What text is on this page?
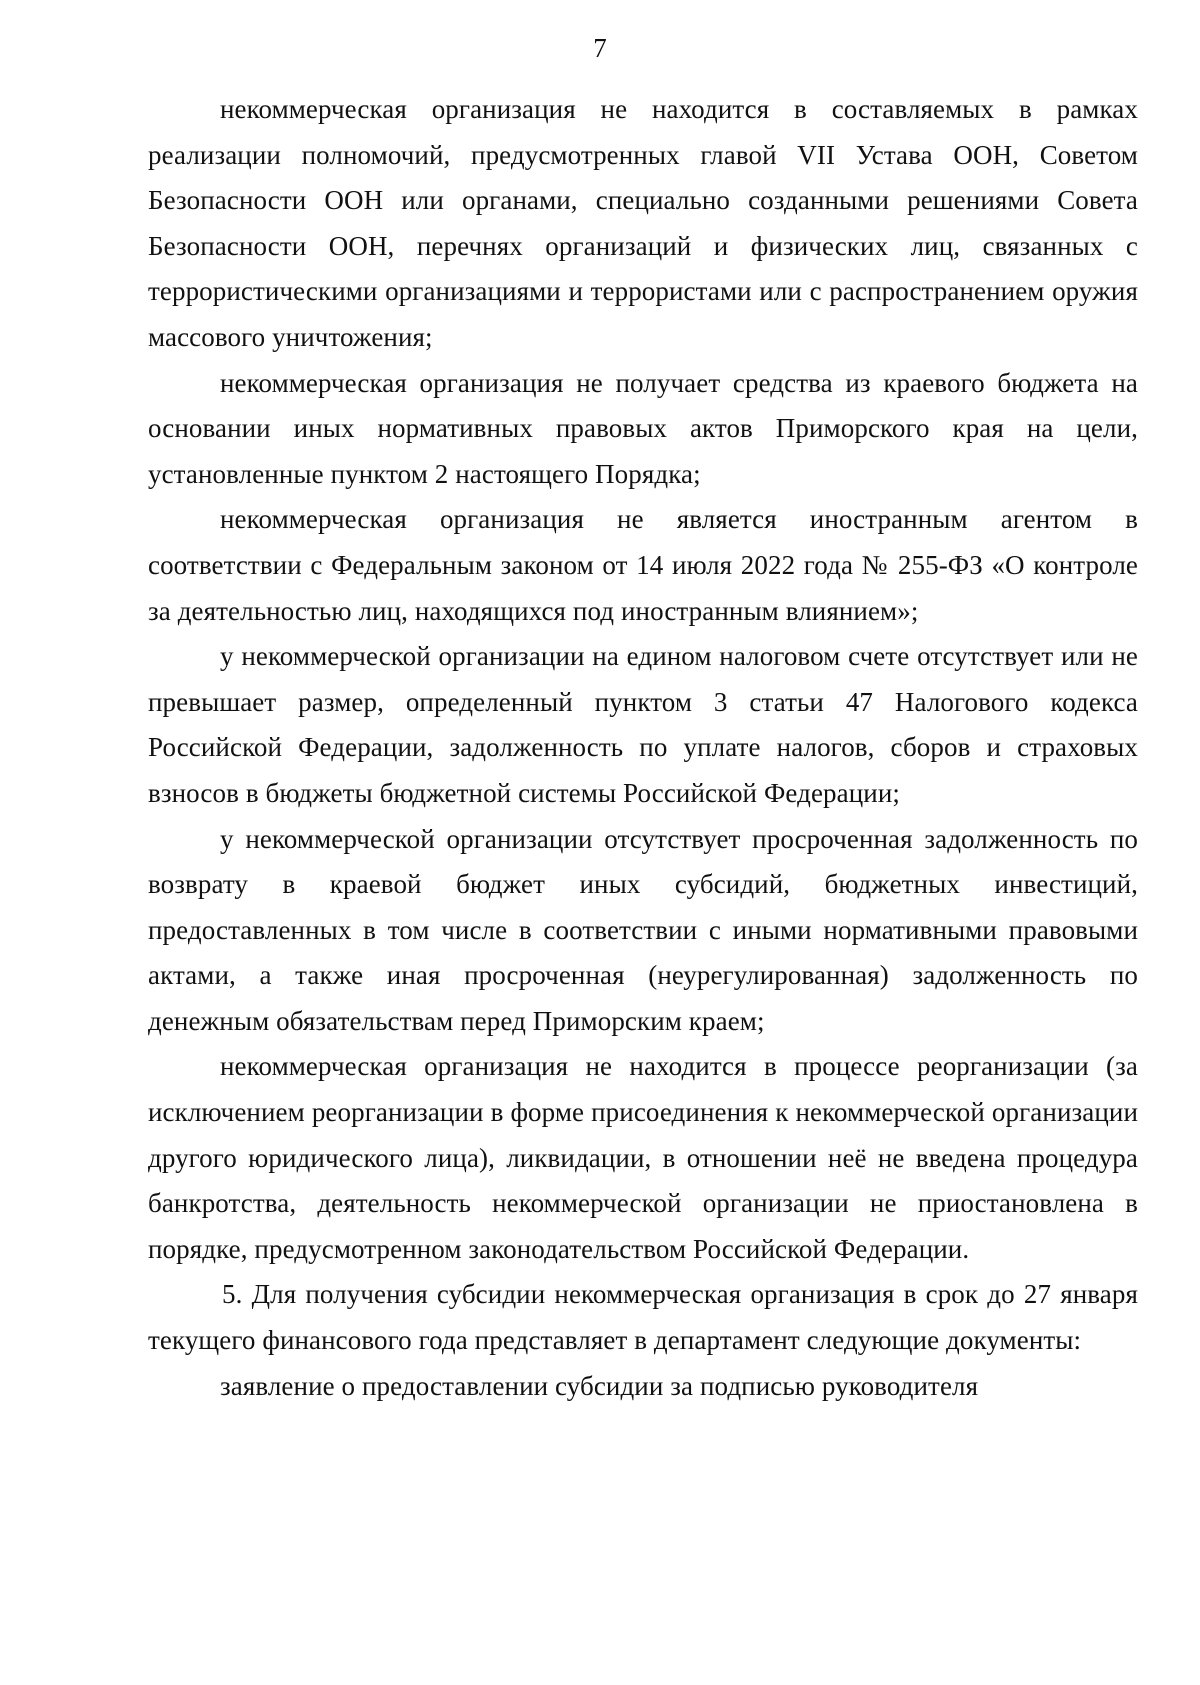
7

некоммерческая организация не находится в составляемых в рамках реализации полномочий, предусмотренных главой VII Устава ООН, Советом Безопасности ООН или органами, специально созданными решениями Совета Безопасности ООН, перечнях организаций и физических лиц, связанных с террористическими организациями и террористами или с распространением оружия массового уничтожения;

некоммерческая организация не получает средства из краевого бюджета на основании иных нормативных правовых актов Приморского края на цели, установленные пунктом 2 настоящего Порядка;

некоммерческая организация не является иностранным агентом в соответствии с Федеральным законом от 14 июля 2022 года № 255-ФЗ «О контроле за деятельностью лиц, находящихся под иностранным влиянием»;

у некоммерческой организации на едином налоговом счете отсутствует или не превышает размер, определенный пунктом 3 статьи 47 Налогового кодекса Российской Федерации, задолженность по уплате налогов, сборов и страховых взносов в бюджеты бюджетной системы Российской Федерации;

у некоммерческой организации отсутствует просроченная задолженность по возврату в краевой бюджет иных субсидий, бюджетных инвестиций, предоставленных в том числе в соответствии с иными нормативными правовыми актами, а также иная просроченная (неурегулированная) задолженность по денежным обязательствам перед Приморским краем;

некоммерческая организация не находится в процессе реорганизации (за исключением реорганизации в форме присоединения к некоммерческой организации другого юридического лица), ликвидации, в отношении неё не введена процедура банкротства, деятельность некоммерческой организации не приостановлена в порядке, предусмотренном законодательством Российской Федерации.

5. Для получения субсидии некоммерческая организация в срок до 27 января текущего финансового года представляет в департамент следующие документы:

заявление о предоставлении субсидии за подписью руководителя
